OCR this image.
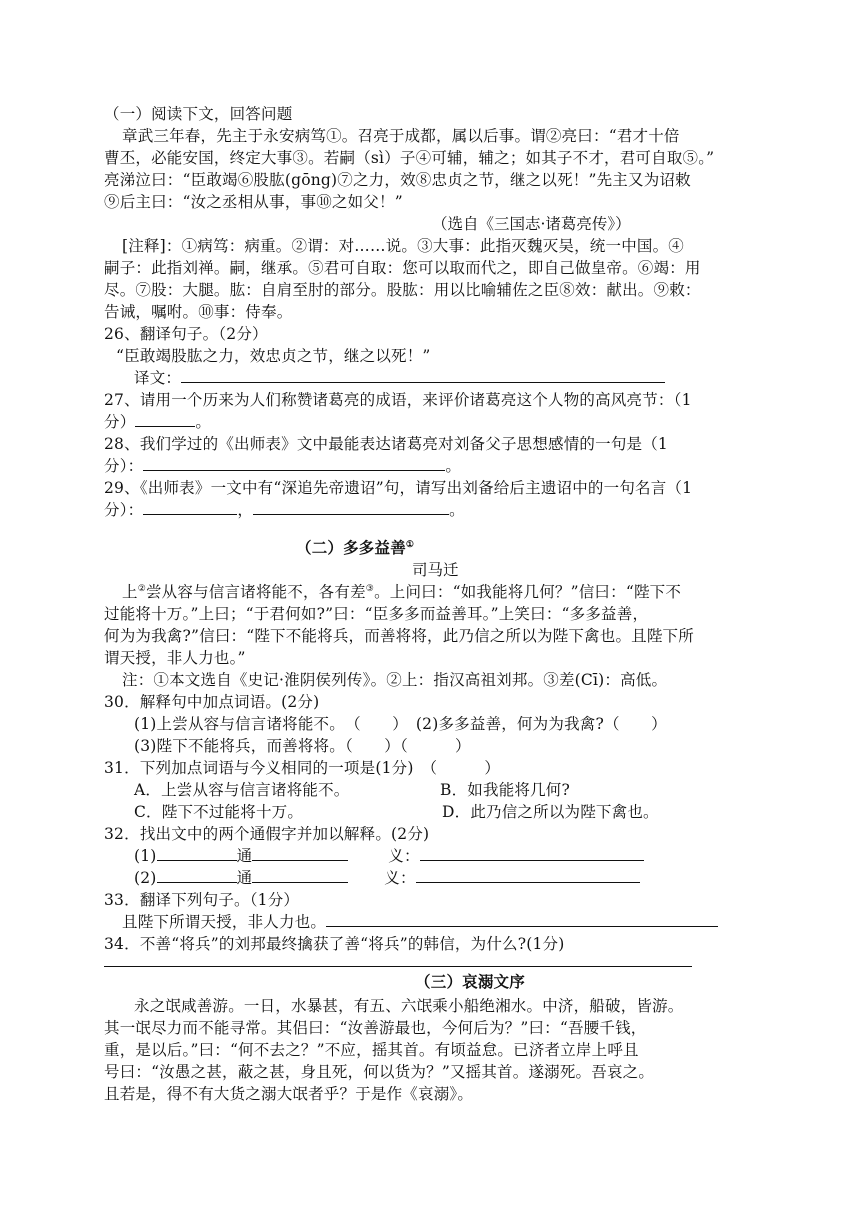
（一）阅读下文，回答问题
章武三年春，先主于永安病笃①。召亮于成都，属以后事。谓②亮曰：“君才十倍
曹丕，必能安国，终定大事③。若嗣（sì）子④可辅，辅之；如其子不才，君可自取⑤。”
亮涕泣曰：“臣敢竭⑥股肱(gōng)⑦之力，效⑧忠贞之节，继之以死！”先主又为诏敕
⑨后主曰：“汝之丞相从事，事⑩之如父！”
（选自《三国志·诸葛亮传》）
[注释]：①病笃：病重。②谓：对……说。③大事：此指灭魏灭吴，统一中国。④
嗣子：此指刘禅。嗣，继承。⑤君可自取：您可以取而代之，即自己做皇帝。⑥竭：用
尽。⑦股：大腿。肱：自肩至肘的部分。股肱：用以比喻辅佐之臣⑧效：献出。⑨敕：
告诫，嘱咐。⑩事：侍奉。
26、翻译句子。（2分）
“臣敢竭股肱之力，效忠贞之节，继之以死！”
译文：
27、请用一个历来为人们称赞诸葛亮的成语，来评价诸葛亮这个人物的高风亮节：（1
分）	。
28、我们学过的《出师表》文中最能表达诸葛亮对刘备父子思想感情的一句是（1
分）：	。
29、《出师表》一文中有“深追先帝遗诏”句，请写出刘备给后主遗诏中的一句名言（1
分）：	，	。
（二）多多益善①
司马迁
上②尝从容与信言诸将能不，各有差③。上问曰：“如我能将几何？”信曰：“陛下不
过能将十万。”上曰；“于君何如?”曰：“臣多多而益善耳。”上笑曰：“多多益善，
何为为我禽?”信曰：“陛下不能将兵，而善将将，此乃信之所以为陛下禽也。且陛下所
谓天授，非人力也。”
注：①本文选自《史记·淮阴侯列传》。②上：指汉高祖刘邦。③差(Cī)：高低。
30．解释句中加点词语。(2分)
(1)上尝从容与信言诸将能不。　（　　）　(2)多多益善，何为为我禽?（　　）
(3)陛下不能将兵，而善将将。（　　）（　　　）
31．下列加点词语与今义相同的一项是(1分)　（　　　）
A．上尝从容与信言诸将能不。	B．如我能将几何?
C．陛下不过能将十万。	D．此乃信之所以为陛下禽也。
32．找出文中的两个通假字并加以解释。(2分)
(1)	通	义：
(2)	通	义：
33．翻译下列句子。（1分）
且陛下所谓天授，非人力也。
34．不善“将兵”的刘邦最终擒获了善“将兵”的韩信，为什么?(1分)
（三）哀溺文序
永之氓咸善游。一日，水暴甚，有五、六氓乘小船绝湘水。中济，船破，皆游。
其一氓尽力而不能寻常。其侣曰：“汝善游最也，今何后为？”曰：“吾腰千钱，
重，是以后。”曰：“何不去之？”不应，摇其首。有顷益怠。已济者立岸上呼且
号曰：“汝愚之甚，蔽之甚，身且死，何以货为？”又摇其首。遂溺死。吾哀之。
且若是，得不有大货之溺大氓者乎？于是作《哀溺》。
